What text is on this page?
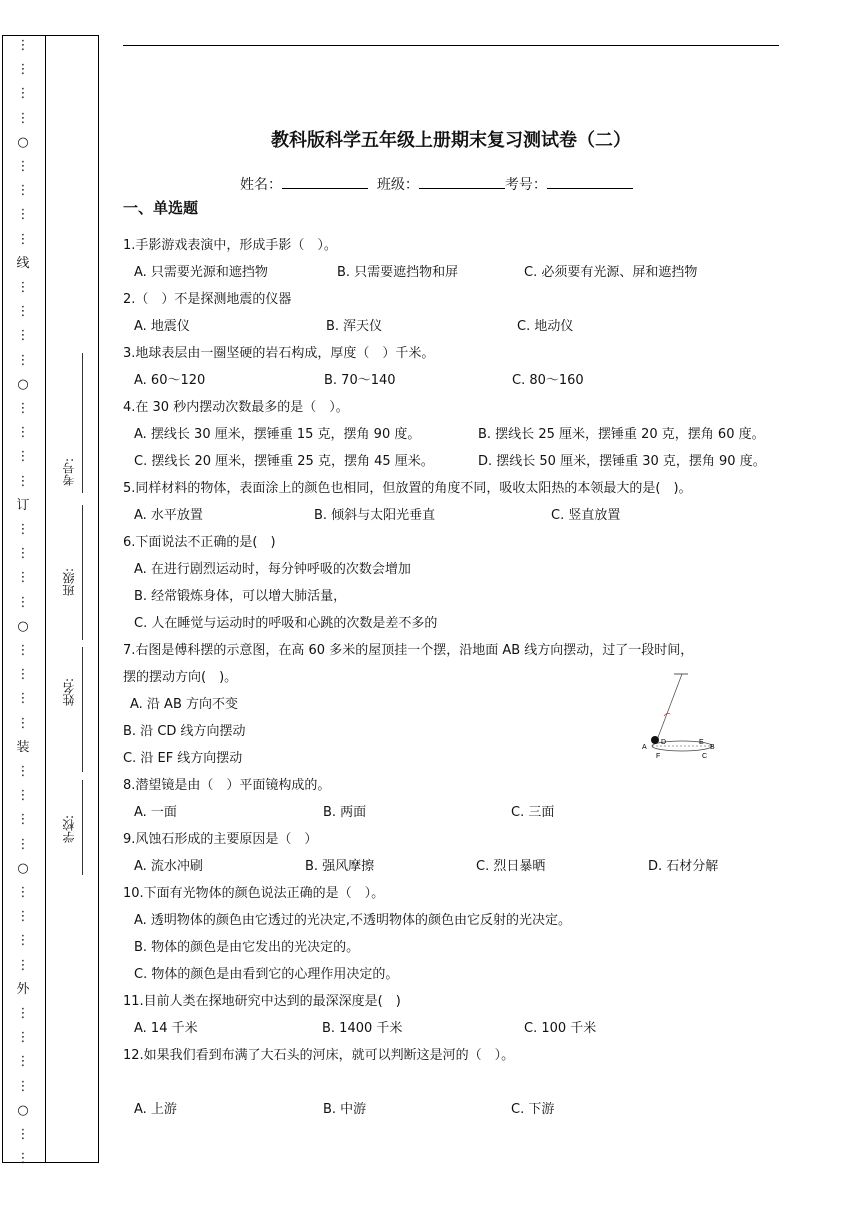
⋮
⋮
⋮
⋮
○
⋮
⋮
⋮
⋮
线
⋮
⋮
⋮
⋮
○
⋮
⋮
⋮
⋮
订
⋮
⋮
⋮
⋮
○
⋮
⋮
⋮
⋮
装
⋮
⋮
⋮
⋮
○
⋮
⋮
⋮
⋮
外
⋮
⋮
⋮
⋮
○
⋮
⋮
考号:
班级:
姓名:
学校:
教科版科学五年级上册期末复习测试卷（二）
姓名：	班级：	考号：
一、单选题
1.手影游戏表演中，形成手影（　）。
A. 只需要光源和遮挡物	B. 只需要遮挡物和屏	C. 必须要有光源、屏和遮挡物
2.（　）不是探测地震的仪器
A. 地震仪	B. 浑天仪	C. 地动仪
3.地球表层由一圈坚硬的岩石构成，厚度（　）千米。
A. 60～120	B. 70～140	C. 80～160
4.在 30 秒内摆动次数最多的是（　）。
A. 摆线长 30 厘米，摆锤重 15 克，摆角 90 度。	B. 摆线长 25 厘米，摆锤重 20 克，摆角 60 度。
C. 摆线长 20 厘米，摆锤重 25 克，摆角 45 厘米。	D. 摆线长 50 厘米，摆锤重 30 克，摆角 90 度。
5.同样材料的物体，表面涂上的颜色也相同，但放置的角度不同，吸收太阳热的本领最大的是(　)。
A. 水平放置	B. 倾斜与太阳光垂直	C. 竖直放置
6.下面说法不正确的是(　)
A. 在进行剧烈运动时，每分钟呼吸的次数会增加
B. 经常锻炼身体，可以增大肺活量，
C. 人在睡觉与运动时的呼吸和心跳的次数是差不多的
7.右图是傅科摆的示意图，在高 60 多米的屋顶挂一个摆，沿地面 AB 线方向摆动，过了一段时间，
摆的摆动方向(　)。
A. 沿 AB 方向不变
B. 沿 CD 线方向摆动
C. 沿 EF 线方向摆动
A
D	E
B
F	C
8.潜望镜是由（　）平面镜构成的。
A. 一面	B. 两面	C. 三面
9.风蚀石形成的主要原因是（　）
A. 流水冲刷	B. 强风摩擦	C. 烈日暴晒	D. 石材分解
10.下面有光物体的颜色说法正确的是（　）。
A. 透明物体的颜色由它透过的光决定,不透明物体的颜色由它反射的光决定。
B. 物体的颜色是由它发出的光决定的。
C. 物体的颜色是由看到它的心理作用决定的。
11.目前人类在探地研究中达到的最深深度是(　)
A. 14 千米	B. 1400 千米	C. 100 千米
12.如果我们看到布满了大石头的河床，就可以判断这是河的（　）。
A. 上游	B. 中游	C. 下游
